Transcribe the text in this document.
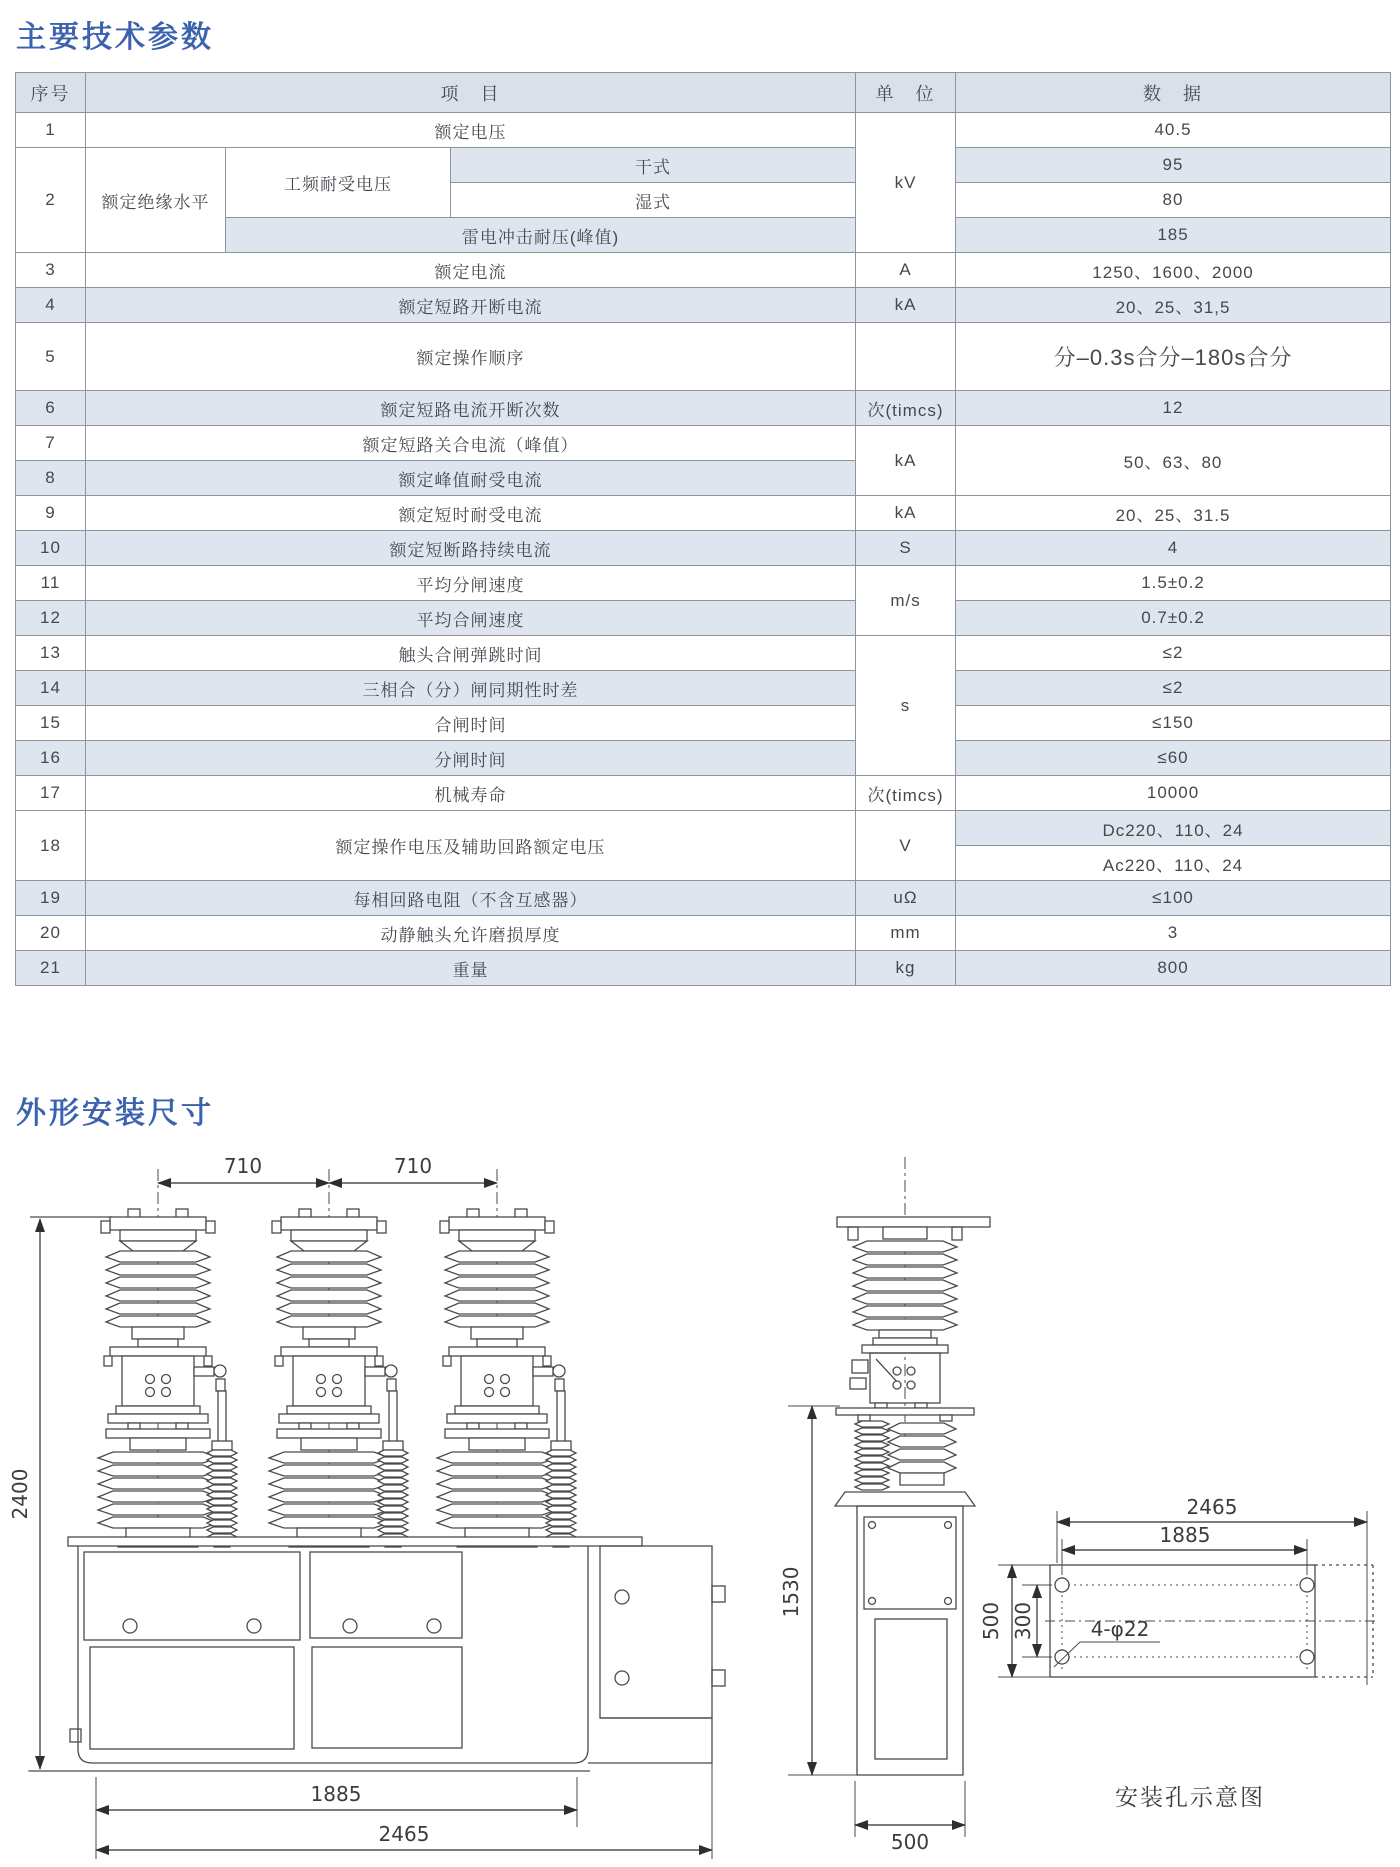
主要技术参数
序号	项　目			单　位	数　据
1	额定电压			kV	40.5
2	额定绝缘水平	工频耐受电压	干式		95
			湿式		80
		雷电冲击耐压(峰值)			185
3	额定电流			A	1250、1600、2000
4	额定短路开断电流			kA	20、25、31,5
5	额定操作顺序				分–0.3s合分–180s合分
6	额定短路电流开断次数			次(timcs)	12
7	额定短路关合电流（峰值）			kA	50、63、80
8	额定峰值耐受电流				
9	额定短时耐受电流			kA	20、25、31.5
10	额定短断路持续电流			S	4
11	平均分闸速度			m/s	1.5±0.2
12	平均合闸速度				0.7±0.2
13	触头合闸弹跳时间			s	≤2
14	三相合（分）闸同期性时差				≤2
15	合闸时间				≤150
16	分闸时间				≤60
17	机械寿命			次(timcs)	10000
18	额定操作电压及辅助回路额定电压			V	Dc220、110、24
					Ac220、110、24
19	每相回路电阻（不含互感器）			uΩ	≤100
20	动静触头允许磨损厚度			mm	3
21	重量			kg	800
外形安装尺寸
710	710
2400
1885
2465
1530
500
2465
1885
500 300	4-φ22
安装孔示意图
